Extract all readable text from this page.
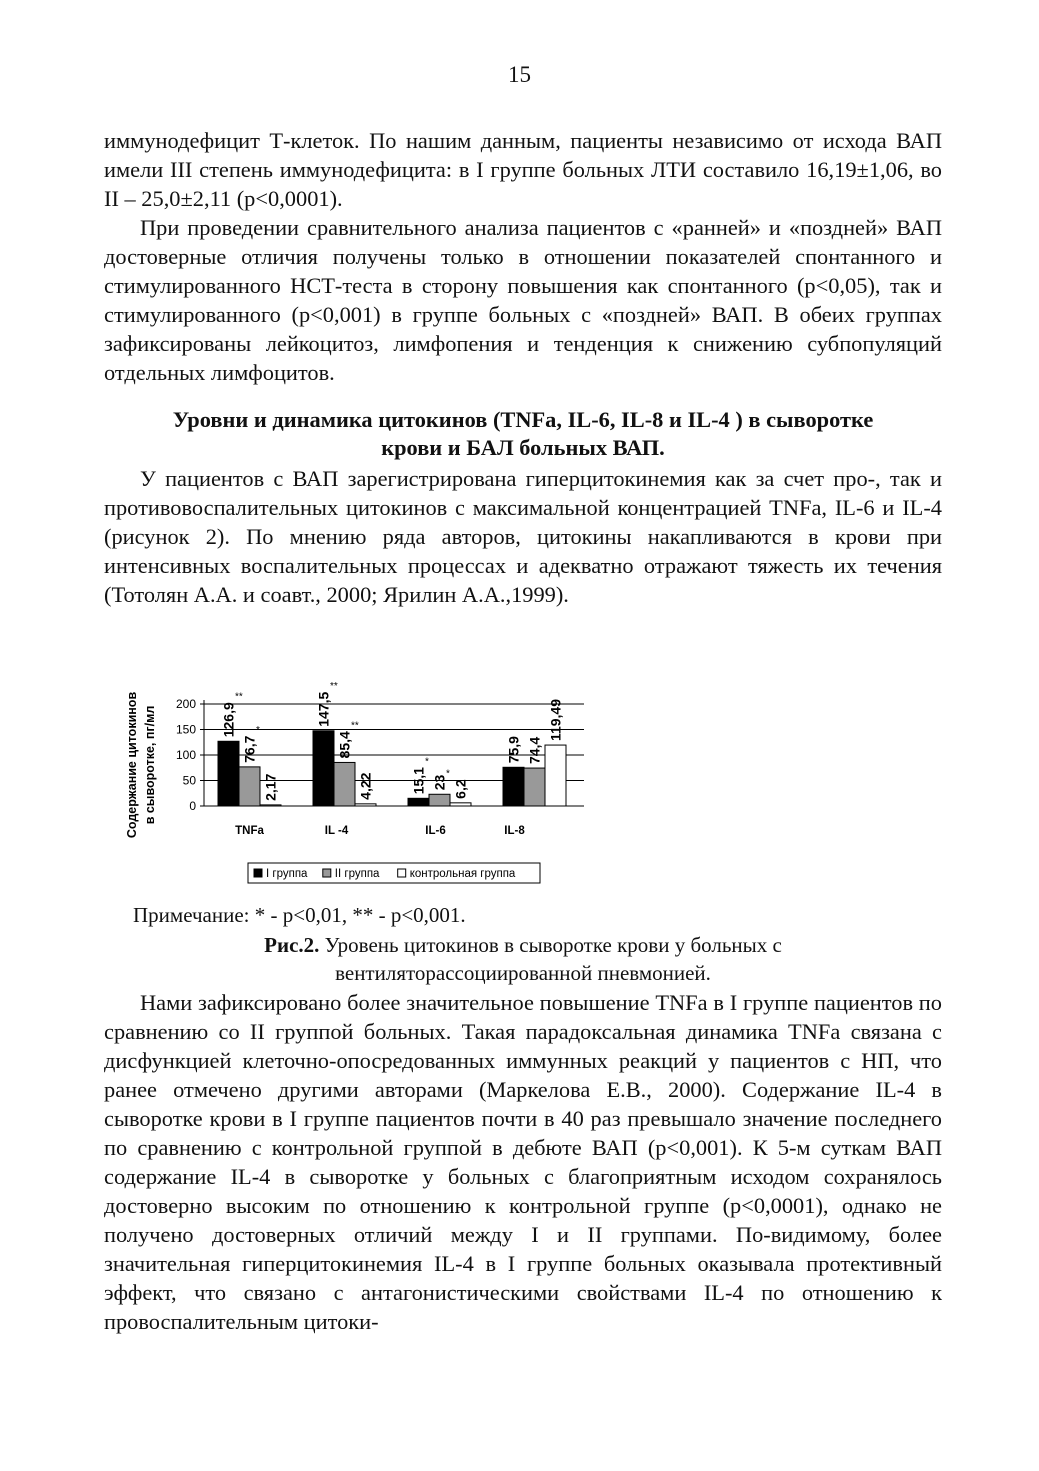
15

иммунодефицит Т-клеток. По нашим данным, пациенты независимо от исхода ВАП имели III степень иммунодефицита: в I группе больных ЛТИ составило 16,19±1,06, во II – 25,0±2,11 (р<0,0001).

При проведении сравнительного анализа пациентов с «ранней» и «поздней» ВАП достоверные отличия получены только в отношении показателей спонтанного и стимулированного НСТ-теста в сторону повышения как спонтанного (р<0,05), так и стимулированного (р<0,001) в группе больных с «поздней» ВАП. В обеих группах зафиксированы лейкоцитоз, лимфопения и тенденция к снижению субпопуляций отдельных лимфоцитов.

Уровни и динамика цитокинов (TNFa, IL-6, IL-8 и IL-4 ) в сыворотке
крови и БАЛ больных ВАП.

У пациентов с ВАП зарегистрирована гиперцитокинемия как за счет про-, так и противовоспалительных цитокинов с максимальной концентрацией TNFa, IL-6 и IL-4 (рисунок 2). По мнению ряда авторов, цитокины накапливаются в крови при интенсивных воспалительных процессах и адекватно отражают тяжесть их течения (Тотолян А.А. и соавт., 2000; Ярилин А.А.,1999).

Содержание цитокинов в сыворотке, пг/мл	0
50
100
150
200 126,9
**
76,7
*
2,17
TNFa
147,5
**
85,4
**
4,22
IL -4
15,1
*
23
*
6,2
IL-6
75,9 74,4
119,49
IL-8
I группа II группа	контрольная группа
Примечание: * - р<0,01, ** - р<0,001.
Рис.2. Уровень цитокинов в сыворотке крови у больных с
вентиляторассоциированной пневмонией.

Нами зафиксировано более значительное повышение TNFa в I группе пациентов по сравнению со II группой больных. Такая парадоксальная динамика TNFa связана с дисфункцией клеточно-опосредованных иммунных реакций у пациентов с НП, что ранее отмечено другими авторами (Маркелова Е.В., 2000). Содержание IL-4 в сыворотке крови в I группе пациентов почти в 40 раз превышало значение последнего по сравнению с контрольной группой в дебюте ВАП (р<0,001). К 5-м суткам ВАП содержание IL-4 в сыворотке у больных с благоприятным исходом сохранялось достоверно высоким по отношению к контрольной группе (р<0,0001), однако не получено достоверных отличий между I и II группами. По-видимому, более значительная гиперцитокинемия IL-4 в I группе больных оказывала протективный эффект, что связано с антагонистическими свойствами IL-4 по отношению к провоспалительным цитоки-
